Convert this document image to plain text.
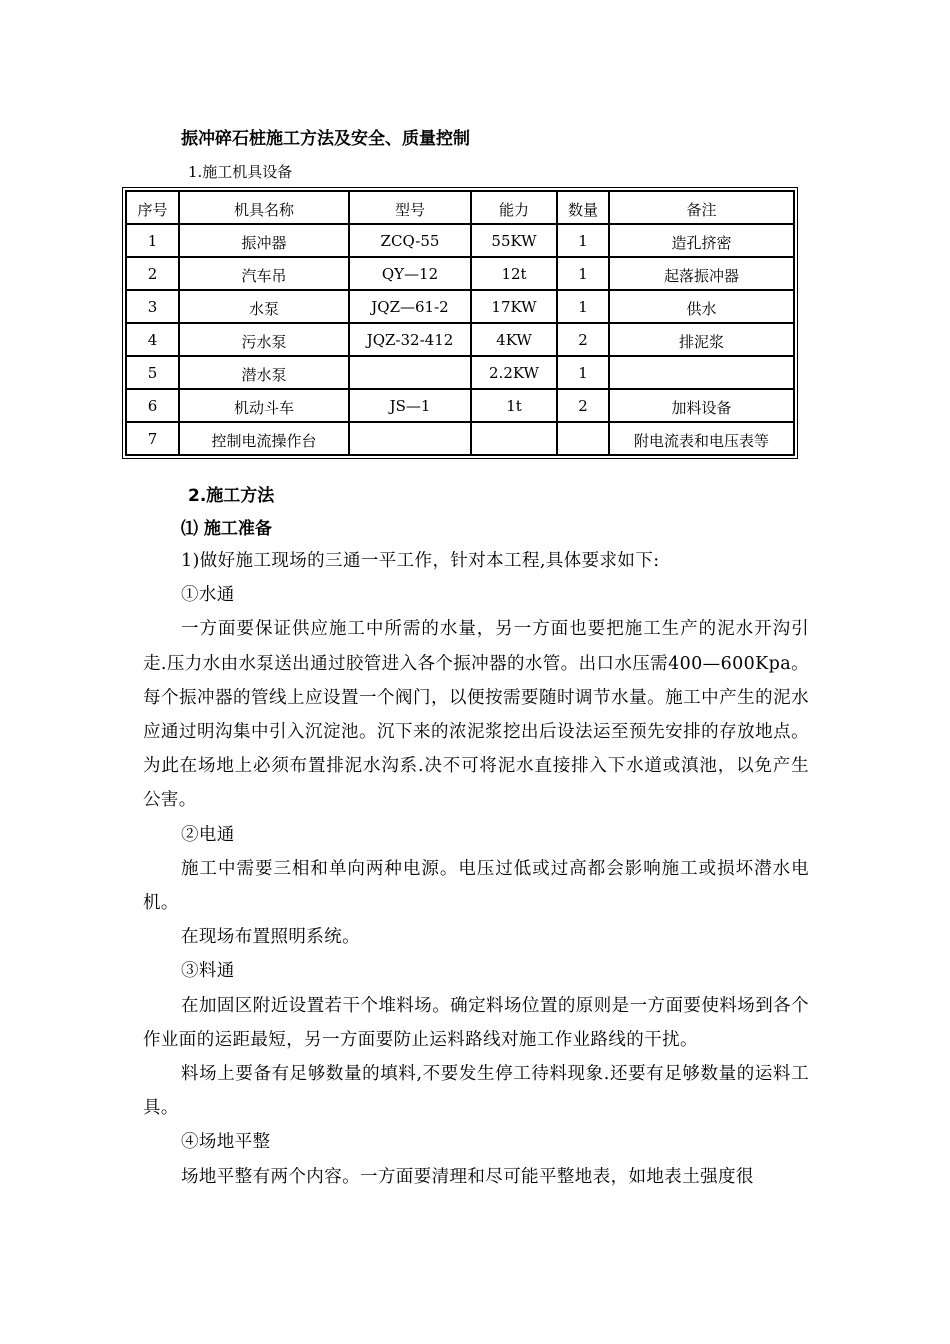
振冲碎石桩施工方法及安全、质量控制
1.施工机具设备
序号	机具名称	型号	能力	数量	备注
1	振冲器	ZCQ-55	55KW	1	造孔挤密
2	汽车吊	QY—12	12t	1	起落振冲器
3	水泵	JQZ—61-2	17KW	1	供水
4	污水泵	JQZ-32-412	4KW	2	排泥浆
5	潜水泵		2.2KW	1	
6	机动斗车	JS—1	1t	2	加料设备
7	控制电流操作台				附电流表和电压表等
2.施工方法
⑴ 施工准备

1)做好施工现场的三通一平工作，针对本工程,具体要求如下:

①水通

一方面要保证供应施工中所需的水量，另一方面也要把施工生产的泥水开沟引走.压力水由水泵送出通过胶管进入各个振冲器的水管。出口水压需400—600Kpa。每个振冲器的管线上应设置一个阀门，以便按需要随时调节水量。施工中产生的泥水应通过明沟集中引入沉淀池。沉下来的浓泥浆挖出后设法运至预先安排的存放地点。为此在场地上必须布置排泥水沟系.决不可将泥水直接排入下水道或滇池，以免产生公害。

②电通

施工中需要三相和单向两种电源。电压过低或过高都会影响施工或损坏潜水电机。

在现场布置照明系统。

③料通

在加固区附近设置若干个堆料场。确定料场位置的原则是一方面要使料场到各个作业面的运距最短，另一方面要防止运料路线对施工作业路线的干扰。

料场上要备有足够数量的填料,不要发生停工待料现象.还要有足够数量的运料工具。

④场地平整

场地平整有两个内容。一方面要清理和尽可能平整地表，如地表土强度很
